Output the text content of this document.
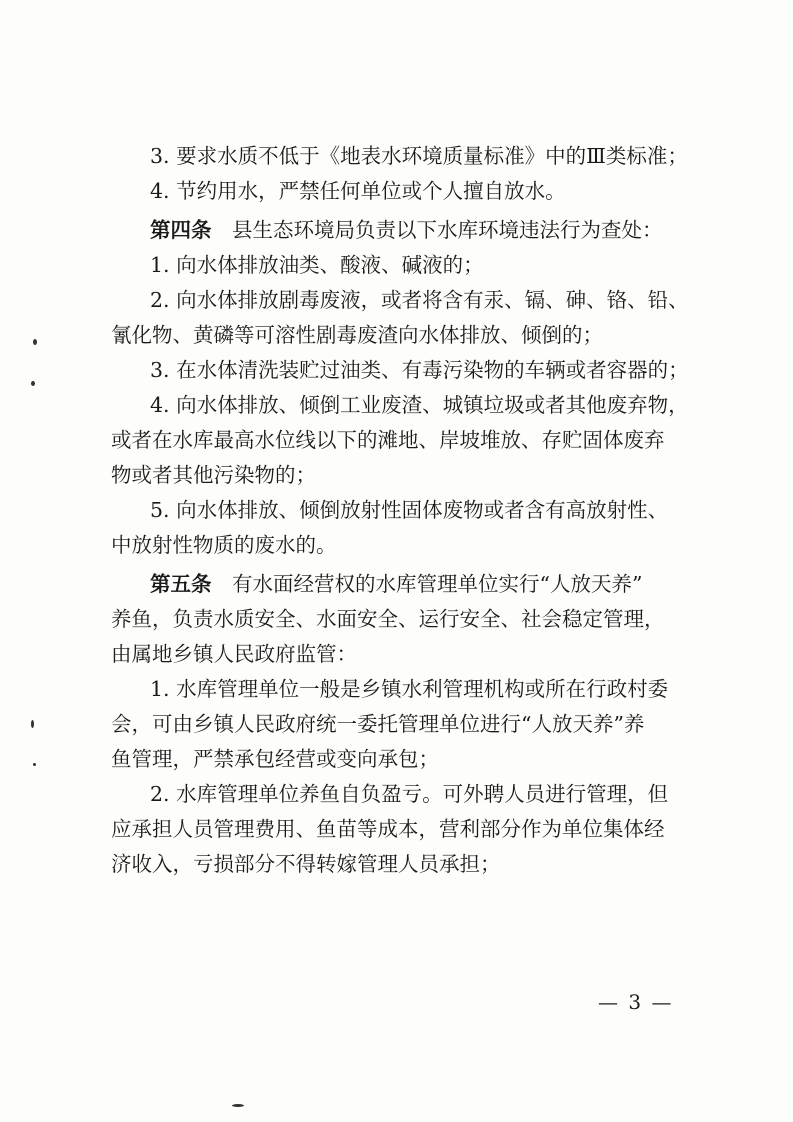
3. 要求水质不低于《地表水环境质量标准》中的Ⅲ类标准；
4. 节约用水，严禁任何单位或个人擅自放水。
第四条　县生态环境局负责以下水库环境违法行为查处：
1. 向水体排放油类、酸液、碱液的；
2. 向水体排放剧毒废液，或者将含有汞、镉、砷、铬、铅、
氰化物、黄磷等可溶性剧毒废渣向水体排放、倾倒的；
3. 在水体清洗装贮过油类、有毒污染物的车辆或者容器的；
4. 向水体排放、倾倒工业废渣、城镇垃圾或者其他废弃物，
或者在水库最高水位线以下的滩地、岸坡堆放、存贮固体废弃
物或者其他污染物的；
5. 向水体排放、倾倒放射性固体废物或者含有高放射性、
中放射性物质的废水的。
第五条　有水面经营权的水库管理单位实行“人放天养”
养鱼，负责水质安全、水面安全、运行安全、社会稳定管理，
由属地乡镇人民政府监管：
1. 水库管理单位一般是乡镇水利管理机构或所在行政村委
会，可由乡镇人民政府统一委托管理单位进行“人放天养”养
鱼管理，严禁承包经营或变向承包；
2. 水库管理单位养鱼自负盈亏。可外聘人员进行管理，但
应承担人员管理费用、鱼苗等成本，营利部分作为单位集体经
济收入，亏损部分不得转嫁管理人员承担；
— 3 —
